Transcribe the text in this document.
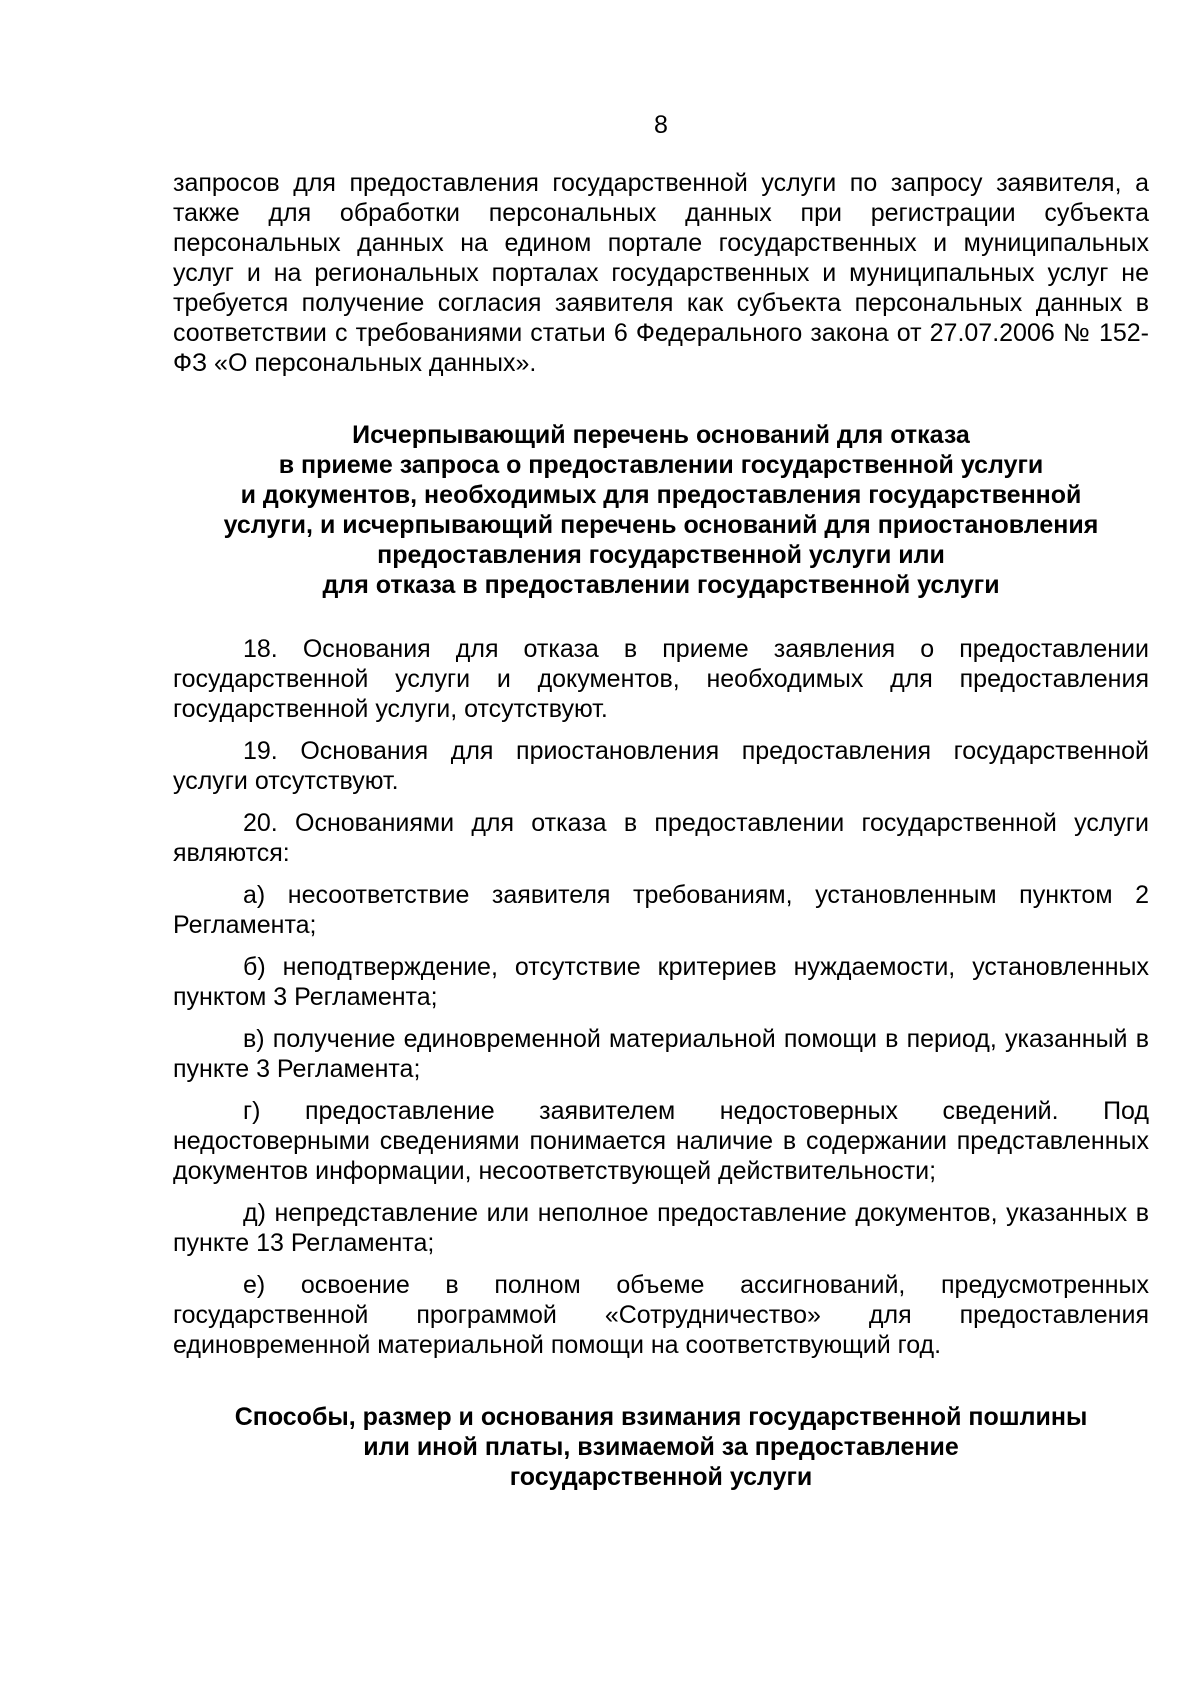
8

запросов для предоставления государственной услуги по запросу заявителя, а также для обработки персональных данных при регистрации субъекта персональных данных на едином портале государственных и муниципальных услуг и на региональных порталах государственных и муниципальных услуг не требуется получение согласия заявителя как субъекта персональных данных в соответствии с требованиями статьи 6 Федерального закона от 27.07.2006 № 152-ФЗ «О персональных данных».

Исчерпывающий перечень оснований для отказа
в приеме запроса о предоставлении государственной услуги
и документов, необходимых для предоставления государственной
услуги, и исчерпывающий перечень оснований для приостановления
предоставления государственной услуги или
для отказа в предоставлении государственной услуги

18. Основания для отказа в приеме заявления о предоставлении государственной услуги и документов, необходимых для предоставления государственной услуги, отсутствуют.

19. Основания для приостановления предоставления государственной услуги отсутствуют.

20. Основаниями для отказа в предоставлении государственной услуги являются:

а) несоответствие заявителя требованиям, установленным пунктом 2 Регламента;

б) неподтверждение, отсутствие критериев нуждаемости, установленных пунктом 3 Регламента;

в) получение единовременной материальной помощи в период, указанный в пункте 3 Регламента;

г) предоставление заявителем недостоверных сведений. Под недостоверными сведениями понимается наличие в содержании представленных документов информации, несоответствующей действительности;

д) непредставление или неполное предоставление документов, указанных в пункте 13 Регламента;

е) освоение в полном объеме ассигнований, предусмотренных государственной программой «Сотрудничество» для предоставления единовременной материальной помощи на соответствующий год.

Способы, размер и основания взимания государственной пошлины
или иной платы, взимаемой за предоставление
государственной услуги
